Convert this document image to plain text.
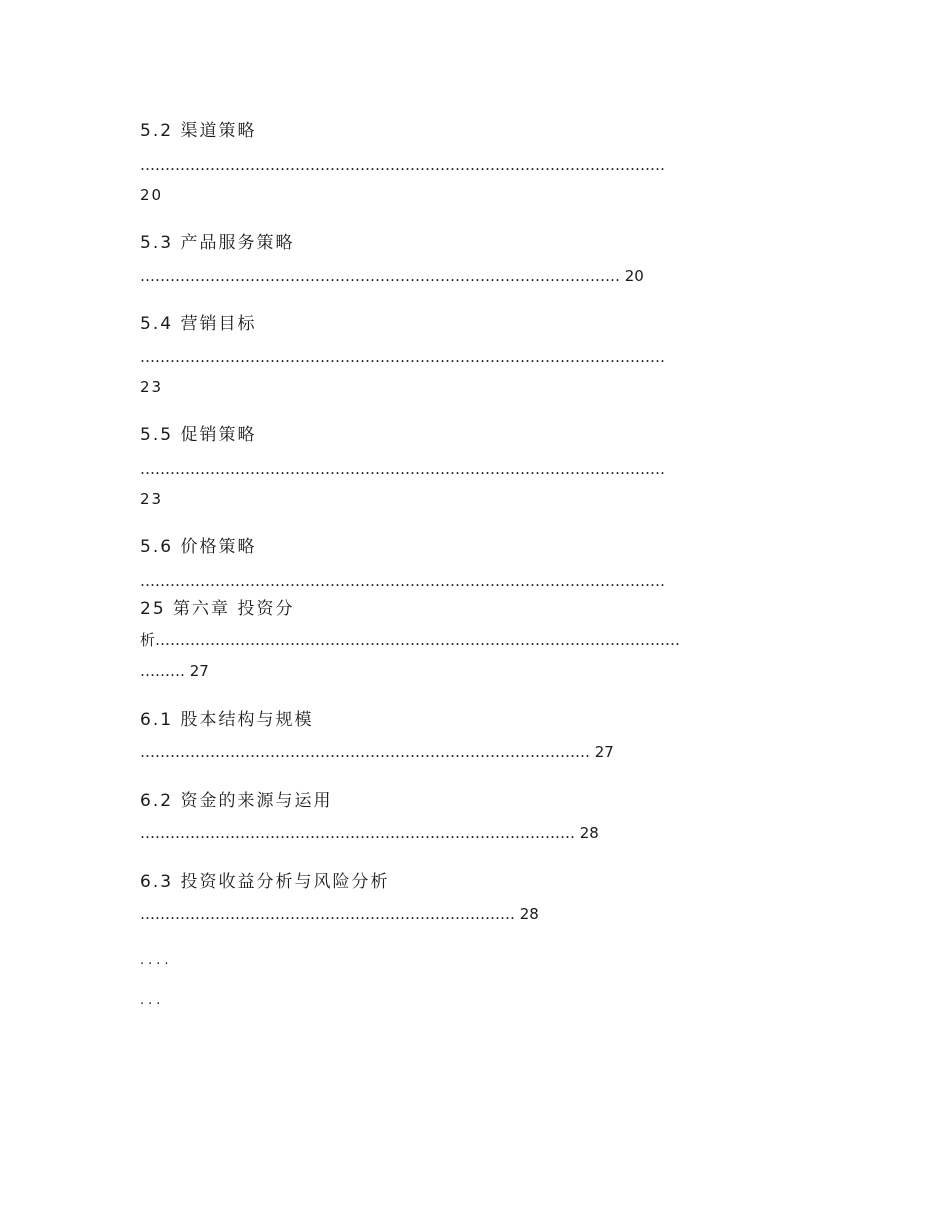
5.2 渠道策略
……………………………………………………………………………………………
20
5.3 产品服务策略
…………………………………………………………………………………… 20
5.4 营销目标
……………………………………………………………………………………………
23
5.5 促销策略
……………………………………………………………………………………………
23
5.6 价格策略
……………………………………………………………………………………………
25 第六章 投资分
析……………………………………………………………………………………………
……… 27
6.1 股本结构与规模
……………………………………………………………………………… 27
6.2 资金的来源与运用
…………………………………………………………………………… 28
6.3 投资收益分析与风险分析
………………………………………………………………… 28
....
...
